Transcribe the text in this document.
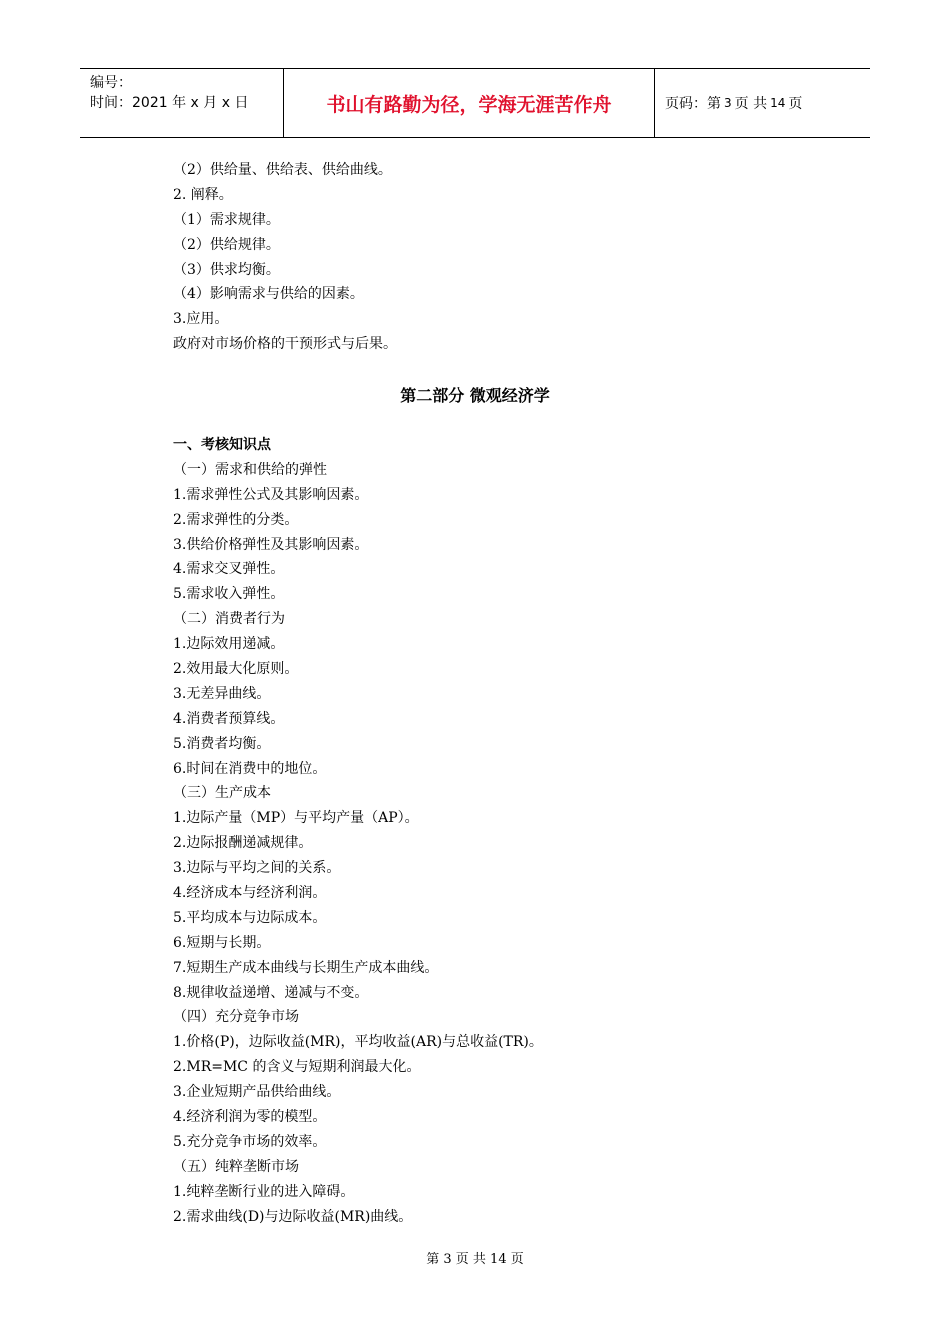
编号：
时间：2021 年 x 月 x 日	书山有路勤为径，学海无涯苦作舟	页码：第 3 页 共 14 页
（2）供给量、供给表、供给曲线。
2. 阐释。
（1）需求规律。
（2）供给规律。
（3）供求均衡。
（4）影响需求与供给的因素。
3.应用。
政府对市场价格的干预形式与后果。
第二部分 微观经济学
一、考核知识点
（一）需求和供给的弹性
1.需求弹性公式及其影响因素。
2.需求弹性的分类。
3.供给价格弹性及其影响因素。
4.需求交叉弹性。
5.需求收入弹性。
（二）消费者行为
1.边际效用递减。
2.效用最大化原则。
3.无差异曲线。
4.消费者预算线。
5.消费者均衡。
6.时间在消费中的地位。
（三）生产成本
1.边际产量（MP）与平均产量（AP）。
2.边际报酬递减规律。
3.边际与平均之间的关系。
4.经济成本与经济利润。
5.平均成本与边际成本。
6.短期与长期。
7.短期生产成本曲线与长期生产成本曲线。
8.规律收益递增、递减与不变。
（四）充分竞争市场
1.价格(P)，边际收益(MR)，平均收益(AR)与总收益(TR)。
2.MR=MC 的含义与短期利润最大化。
3.企业短期产品供给曲线。
4.经济利润为零的模型。
5.充分竞争市场的效率。
（五）纯粹垄断市场
1.纯粹垄断行业的进入障碍。
2.需求曲线(D)与边际收益(MR)曲线。
第 3 页 共 14 页
